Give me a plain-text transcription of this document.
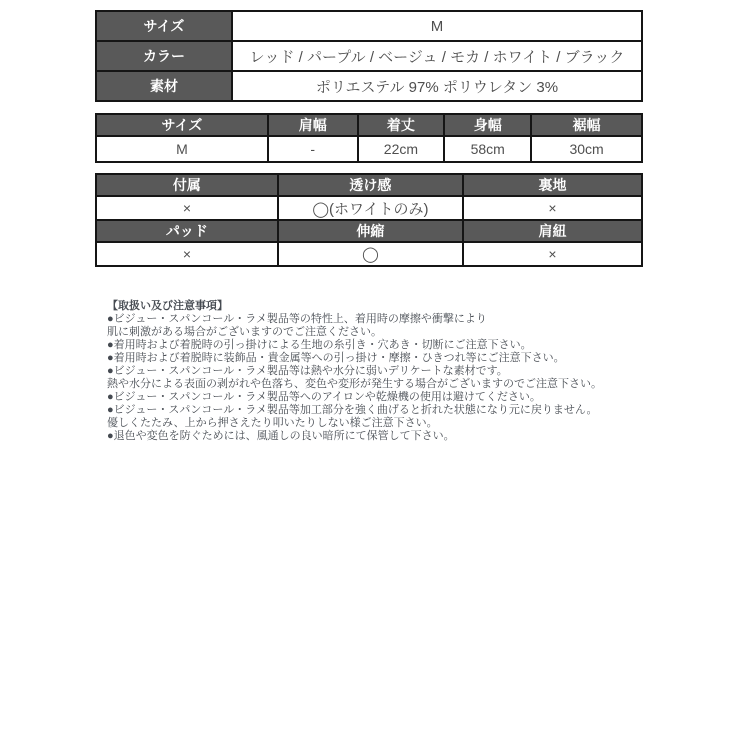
サイズ	M
カラー	レッド / パープル / ベージュ / モカ / ホワイト / ブラック
素材	ポリエステル 97% ポリウレタン 3%
サイズ	肩幅	着丈	身幅	裾幅
M	-	22cm	58cm	30cm
付属	透け感	裏地
×	◯(ホワイトのみ)	×
パッド	伸縮	肩紐
×	◯	×
【取扱い及び注意事項】
●ビジュー・スパンコール・ラメ製品等の特性上、着用時の摩擦や衝撃により
肌に刺激がある場合がございますのでご注意ください。
●着用時および着脱時の引っ掛けによる生地の糸引き・穴あき・切断にご注意下さい。
●着用時および着脱時に装飾品・貴金属等への引っ掛け・摩擦・ひきつれ等にご注意下さい。
●ビジュー・スパンコール・ラメ製品等は熱や水分に弱いデリケートな素材です。
熱や水分による表面の剥がれや色落ち、変色や変形が発生する場合がございますのでご注意下さい。
●ビジュー・スパンコール・ラメ製品等へのアイロンや乾燥機の使用は避けてください。
●ビジュー・スパンコール・ラメ製品等加工部分を強く曲げると折れた状態になり元に戻りません。
優しくたたみ、上から押さえたり叩いたりしない様ご注意下さい。
●退色や変色を防ぐためには、風通しの良い暗所にて保管して下さい。
